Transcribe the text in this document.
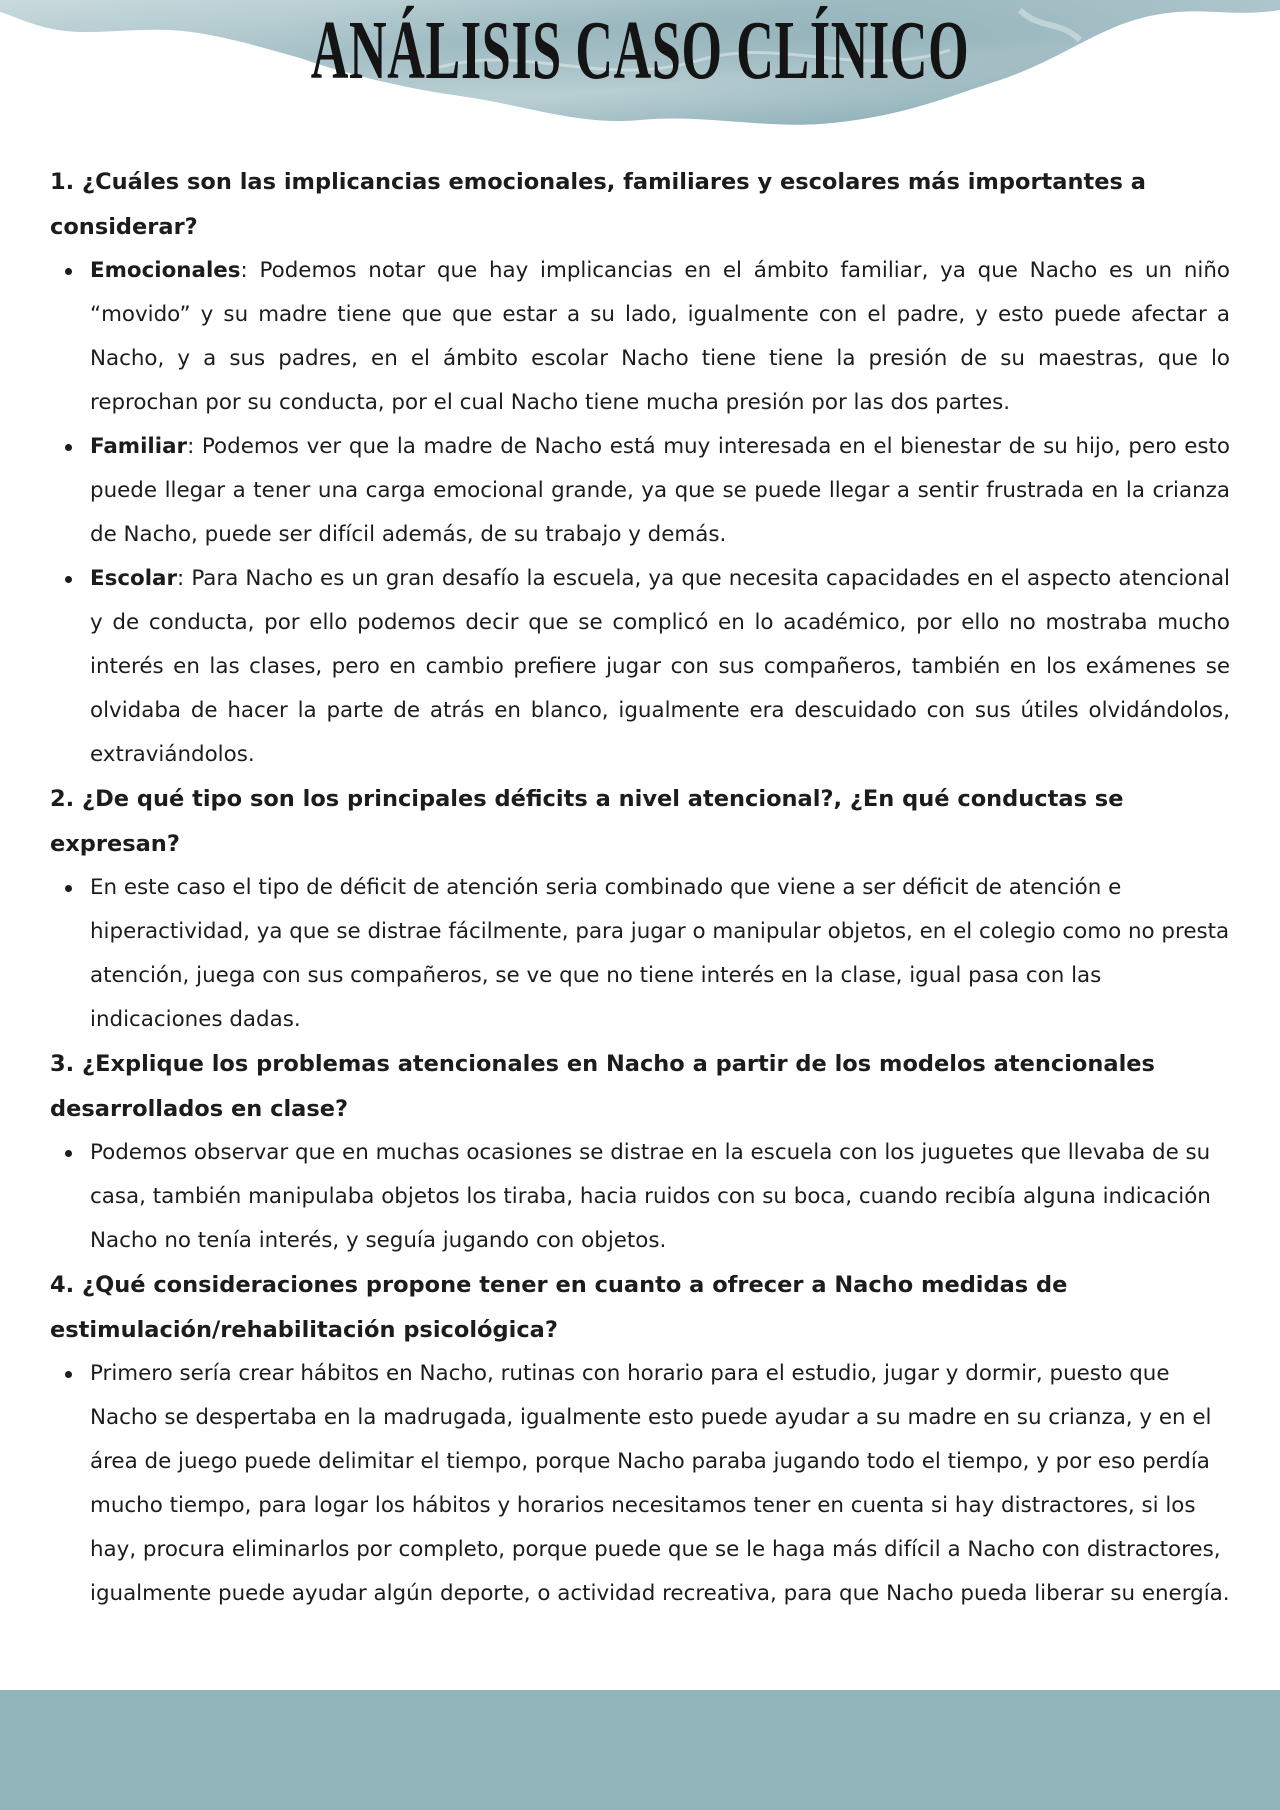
ANÁLISIS CASO CLÍNICO

1. ¿Cuáles son las implicancias emocionales, familiares y escolares más importantes a considerar?

Emocionales: Podemos notar que hay implicancias en el ámbito familiar, ya que Nacho es un niño “movido” y su madre tiene que que estar a su lado, igualmente con el padre, y esto puede afectar a Nacho, y a sus padres, en el ámbito escolar Nacho tiene tiene la presión de su maestras, que lo reprochan por su conducta, por el cual Nacho tiene mucha presión por las dos partes.
Familiar: Podemos ver que la madre de Nacho está muy interesada en el bienestar de su hijo, pero esto puede llegar a tener una carga emocional grande, ya que se puede llegar a sentir frustrada en la crianza de Nacho, puede ser difícil además, de su trabajo y demás.
Escolar: Para Nacho es un gran desafío la escuela, ya que necesita capacidades en el aspecto atencional y de conducta, por ello podemos decir que se complicó en lo académico, por ello no mostraba mucho interés en las clases, pero en cambio prefiere jugar con sus compañeros, también en los exámenes se olvidaba de hacer la parte de atrás en blanco, igualmente era descuidado con sus útiles olvidándolos, extraviándolos.

2. ¿De qué tipo son los principales déficits a nivel atencional?, ¿En qué conductas se expresan?

En este caso el tipo de déficit de atención seria combinado que viene a ser déficit de atención e hiperactividad, ya que se distrae fácilmente, para jugar o manipular objetos, en el colegio como no presta atención, juega con sus compañeros, se ve que no tiene interés en la clase, igual pasa con las indicaciones dadas.

3. ¿Explique los problemas atencionales en Nacho a partir de los modelos atencionales desarrollados en clase?

Podemos observar que en muchas ocasiones se distrae en la escuela con los juguetes que llevaba de su casa, también manipulaba objetos los tiraba, hacia ruidos con su boca, cuando recibía alguna indicación Nacho no tenía interés, y seguía jugando con objetos.

4. ¿Qué consideraciones propone tener en cuanto a ofrecer a Nacho medidas de estimulación/rehabilitación psicológica?

Primero sería crear hábitos en Nacho, rutinas con horario para el estudio, jugar y dormir, puesto que Nacho se despertaba en la madrugada, igualmente esto puede ayudar a su madre en su crianza, y en el área de juego puede delimitar el tiempo, porque Nacho paraba jugando todo el tiempo, y por eso perdía mucho tiempo, para logar los hábitos y horarios necesitamos tener en cuenta si hay distractores, si los hay, procura eliminarlos por completo, porque puede que se le haga más difícil a Nacho con distractores, igualmente puede ayudar algún deporte, o actividad recreativa, para que Nacho pueda liberar su energía.
